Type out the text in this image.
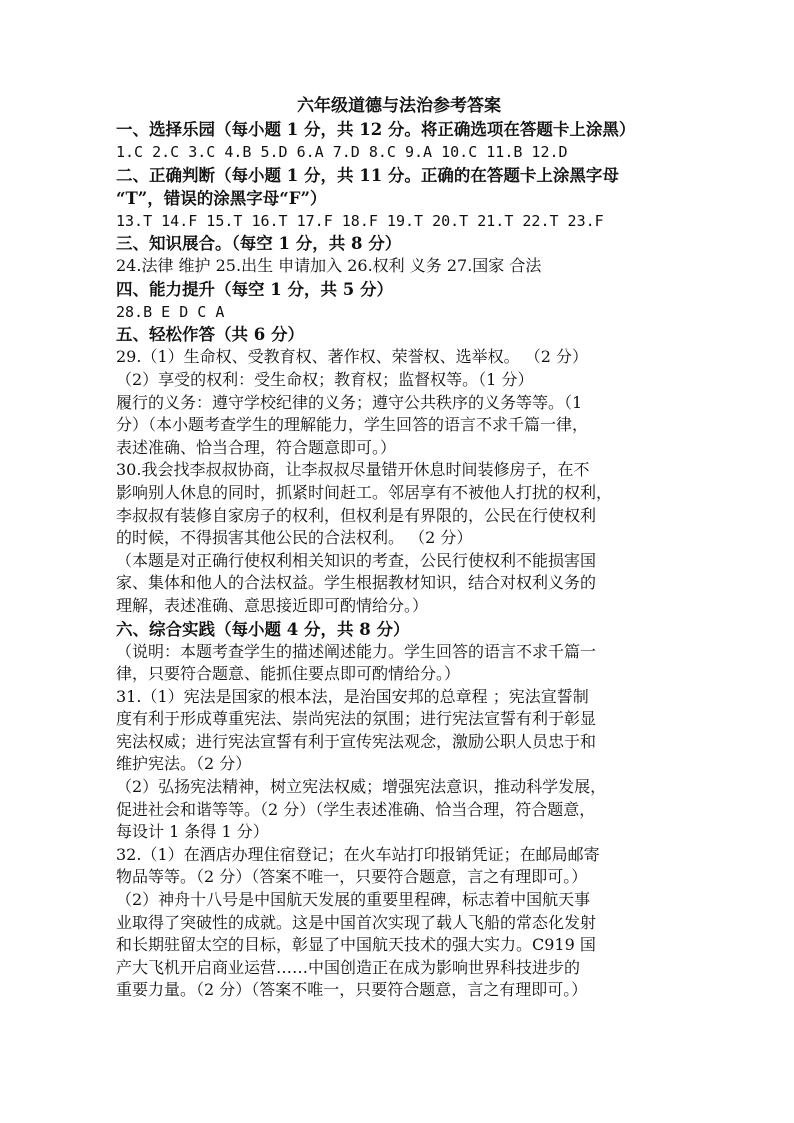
六年级道德与法治参考答案

一、选择乐园（每小题 1 分，共 12 分。将正确选项在答题卡上涂黑）

1.C 2.C 3.C 4.B 5.D 6.A 7.D 8.C 9.A 10.C 11.B 12.D

二、正确判断（每小题 1 分，共 11 分。正确的在答题卡上涂黑字母

“T”，错误的涂黑字母“F”）

13.T 14.F 15.T 16.T 17.F 18.F 19.T 20.T 21.T 22.T 23.F

三、知识展合。（每空 1 分，共 8 分）

24.法律 维护 25.出生 申请加入 26.权利 义务 27.国家 合法

四、能力提升（每空 1 分，共 5 分）

28.B E D C A

五、轻松作答（共 6 分）

29.（1）生命权、受教育权、著作权、荣誉权、选举权。 （2 分）

（2）享受的权利：受生命权；教育权；监督权等。（1 分）

履行的义务：遵守学校纪律的义务；遵守公共秩序的义务等等。（1

分）（本小题考查学生的理解能力，学生回答的语言不求千篇一律，

表述准确、恰当合理，符合题意即可。）

30.我会找李叔叔协商，让李叔叔尽量错开休息时间装修房子，在不

影响别人休息的同时，抓紧时间赶工。邻居享有不被他人打扰的权利，

李叔叔有装修自家房子的权利，但权利是有界限的，公民在行使权利

的时候，不得损害其他公民的合法权利。 （2 分）

（本题是对正确行使权利相关知识的考查，公民行使权利不能损害国

家、集体和他人的合法权益。学生根据教材知识，结合对权利义务的

理解，表述准确、意思接近即可酌情给分。）

六、综合实践（每小题 4 分，共 8 分）

（说明：本题考查学生的描述阐述能力。学生回答的语言不求千篇一

律，只要符合题意、能抓住要点即可酌情给分。）

31.（1）宪法是国家的根本法，是治国安邦的总章程 ；宪法宣誓制

度有利于形成尊重宪法、崇尚宪法的氛围；进行宪法宣誓有利于彰显

宪法权威；进行宪法宣誓有利于宣传宪法观念，激励公职人员忠于和

维护宪法。（2 分）

（2）弘扬宪法精神，树立宪法权威；增强宪法意识，推动科学发展，

促进社会和谐等等。（2 分）（学生表述准确、恰当合理，符合题意，

每设计 1 条得 1 分）

32.（1）在酒店办理住宿登记；在火车站打印报销凭证；在邮局邮寄

物品等等。（2 分）（答案不唯一，只要符合题意，言之有理即可。）

（2）神舟十八号是中国航天发展的重要里程碑，标志着中国航天事

业取得了突破性的成就。这是中国首次实现了载人飞船的常态化发射

和长期驻留太空的目标，彰显了中国航天技术的强大实力。C919 国

产大飞机开启商业运营……中国创造正在成为影响世界科技进步的

重要力量。（2 分）（答案不唯一，只要符合题意，言之有理即可。）
